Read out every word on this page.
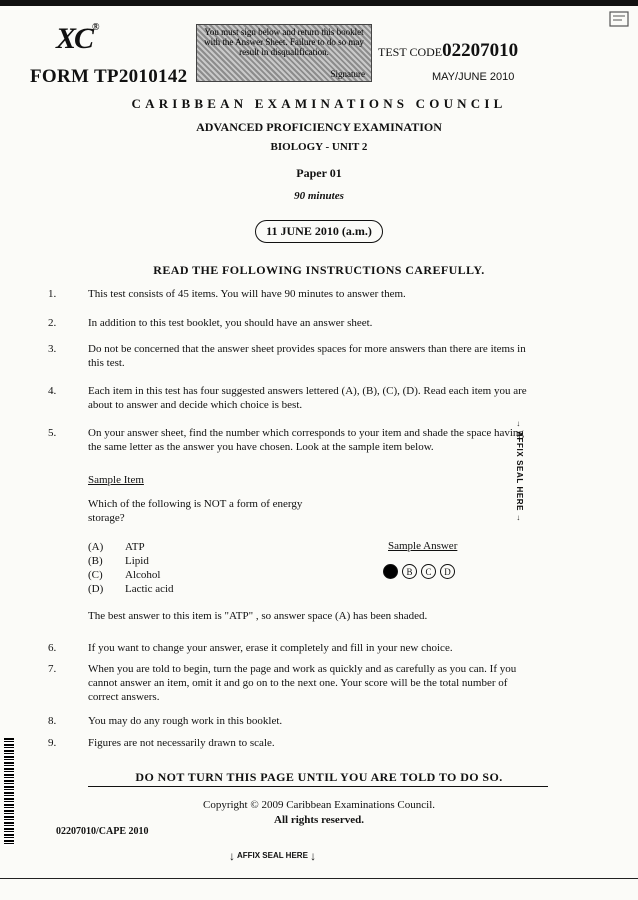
XC®	You must sign below and return this booklet with the Answer Sheet. Failure to do so may result in disqualification.
Signature
FORM TP2010142
TEST CODE02207010
MAY/JUNE 2010
CARIBBEAN EXAMINATIONS COUNCIL
ADVANCED PROFICIENCY EXAMINATION
BIOLOGY - UNIT 2
Paper 01
90 minutes
11 JUNE 2010 (a.m.)
READ THE FOLLOWING INSTRUCTIONS CAREFULLY.
1.	This test consists of 45 items. You will have 90 minutes to answer them.
2.	In addition to this test booklet, you should have an answer sheet.
3.	Do not be concerned that the answer sheet provides spaces for more answers than there are items in this test.
4.	Each item in this test has four suggested answers lettered (A), (B), (C), (D). Read each item you are about to answer and decide which choice is best.
5.	On your answer sheet, find the number which corresponds to your item and shade the space having the same letter as the answer you have chosen. Look at the sample item below.
Sample Item
Which of the following is NOT a form of energy storage?
(A) ATP
(B) Lipid
(C) Alcohol
(D) Lactic acid
Sample Answer
A	B	C	D
The best answer to this item is "ATP" , so answer space (A) has been shaded.
6.	If you want to change your answer, erase it completely and fill in your new choice.
7.	When you are told to begin, turn the page and work as quickly and as carefully as you can. If you cannot answer an item, omit it and go on to the next one. Your score will be the total number of correct answers.
8.	You may do any rough work in this booklet.
9.	Figures are not necessarily drawn to scale.
DO NOT TURN THIS PAGE UNTIL YOU ARE TOLD TO DO SO.
Copyright © 2009 Caribbean Examinations Council.
All rights reserved.
02207010/CAPE 2010
↓ AFFIX SEAL HERE ↓
→ AFFIX SEAL HERE →
